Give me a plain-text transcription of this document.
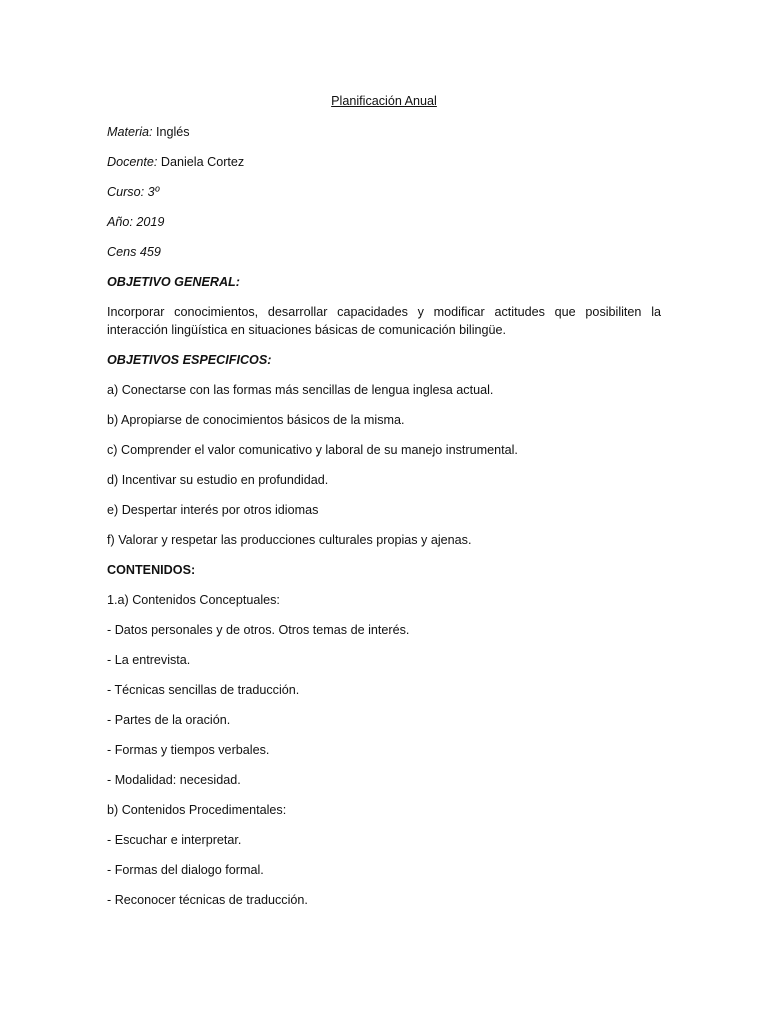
Planificación Anual

Materia: Inglés

Docente: Daniela Cortez

Curso: 3º

Año: 2019

Cens 459

OBJETIVO GENERAL:

Incorporar conocimientos, desarrollar capacidades y modificar actitudes que posibiliten la interacción lingüística en situaciones básicas de comunicación bilingüe.

OBJETIVOS ESPECIFICOS:

a) Conectarse con las formas más sencillas de lengua inglesa actual.

b) Apropiarse de conocimientos básicos de la misma.

c) Comprender el valor comunicativo y laboral de su manejo instrumental.

d) Incentivar su estudio en profundidad.

e) Despertar interés por otros idiomas

f) Valorar y respetar las producciones culturales propias y ajenas.

CONTENIDOS:

1.a) Contenidos Conceptuales:

- Datos personales y de otros. Otros temas de interés.

- La entrevista.

- Técnicas sencillas de traducción.

- Partes de la oración.

- Formas y tiempos verbales.

- Modalidad: necesidad.

b) Contenidos Procedimentales:

- Escuchar e interpretar.

- Formas del dialogo formal.

- Reconocer técnicas de traducción.
